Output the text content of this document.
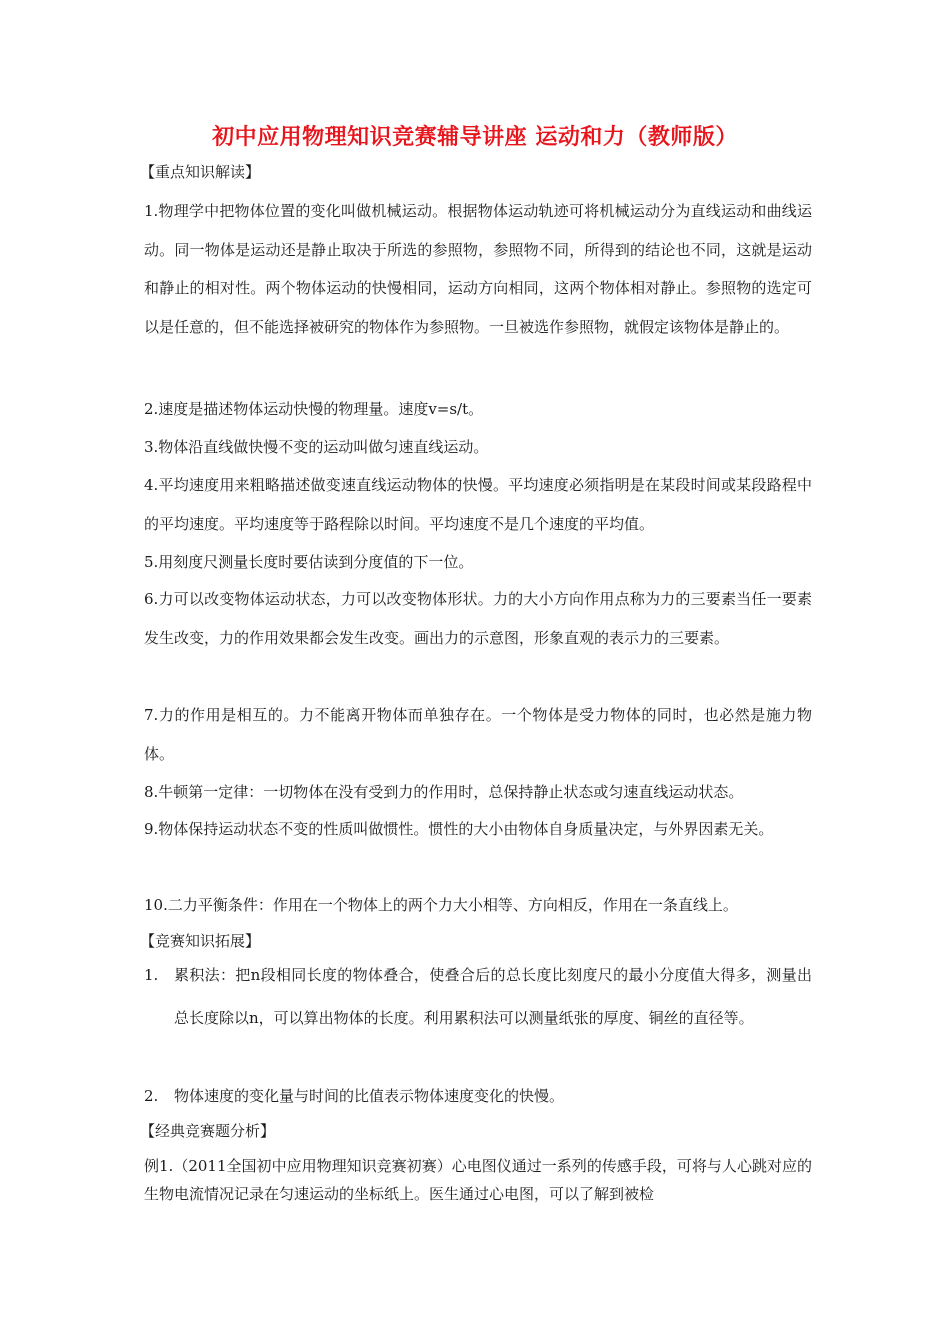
初中应用物理知识竞赛辅导讲座 运动和力（教师版）
【重点知识解读】
1.物理学中把物体位置的变化叫做机械运动。根据物体运动轨迹可将机械运动分为直线运动和曲线运动。同一物体是运动还是静止取决于所选的参照物，参照物不同，所得到的结论也不同，这就是运动和静止的相对性。两个物体运动的快慢相同，运动方向相同，这两个物体相对静止。参照物的选定可以是任意的，但不能选择被研究的物体作为参照物。一旦被选作参照物，就假定该物体是静止的。
2.速度是描述物体运动快慢的物理量。速度v=s/t。
3.物体沿直线做快慢不变的运动叫做匀速直线运动。
4.平均速度用来粗略描述做变速直线运动物体的快慢。平均速度必须指明是在某段时间或某段路程中的平均速度。平均速度等于路程除以时间。平均速度不是几个速度的平均值。
5.用刻度尺测量长度时要估读到分度值的下一位。
6.力可以改变物体运动状态，力可以改变物体形状。力的大小方向作用点称为力的三要素当任一要素发生改变，力的作用效果都会发生改变。画出力的示意图，形象直观的表示力的三要素。
7.力的作用是相互的。力不能离开物体而单独存在。一个物体是受力物体的同时，也必然是施力物体。
8.牛顿第一定律：一切物体在没有受到力的作用时，总保持静止状态或匀速直线运动状态。
9.物体保持运动状态不变的性质叫做惯性。惯性的大小由物体自身质量决定，与外界因素无关。
10.二力平衡条件：作用在一个物体上的两个力大小相等、方向相反，作用在一条直线上。
【竞赛知识拓展】
1. 累积法：把n段相同长度的物体叠合，使叠合后的总长度比刻度尺的最小分度值大得多，测量出总长度除以n，可以算出物体的长度。利用累积法可以测量纸张的厚度、铜丝的直径等。
2. 物体速度的变化量与时间的比值表示物体速度变化的快慢。
【经典竞赛题分析】
例1.（2011全国初中应用物理知识竞赛初赛）心电图仪通过一系列的传感手段，可将与人心跳对应的生物电流情况记录在匀速运动的坐标纸上。医生通过心电图，可以了解到被检
